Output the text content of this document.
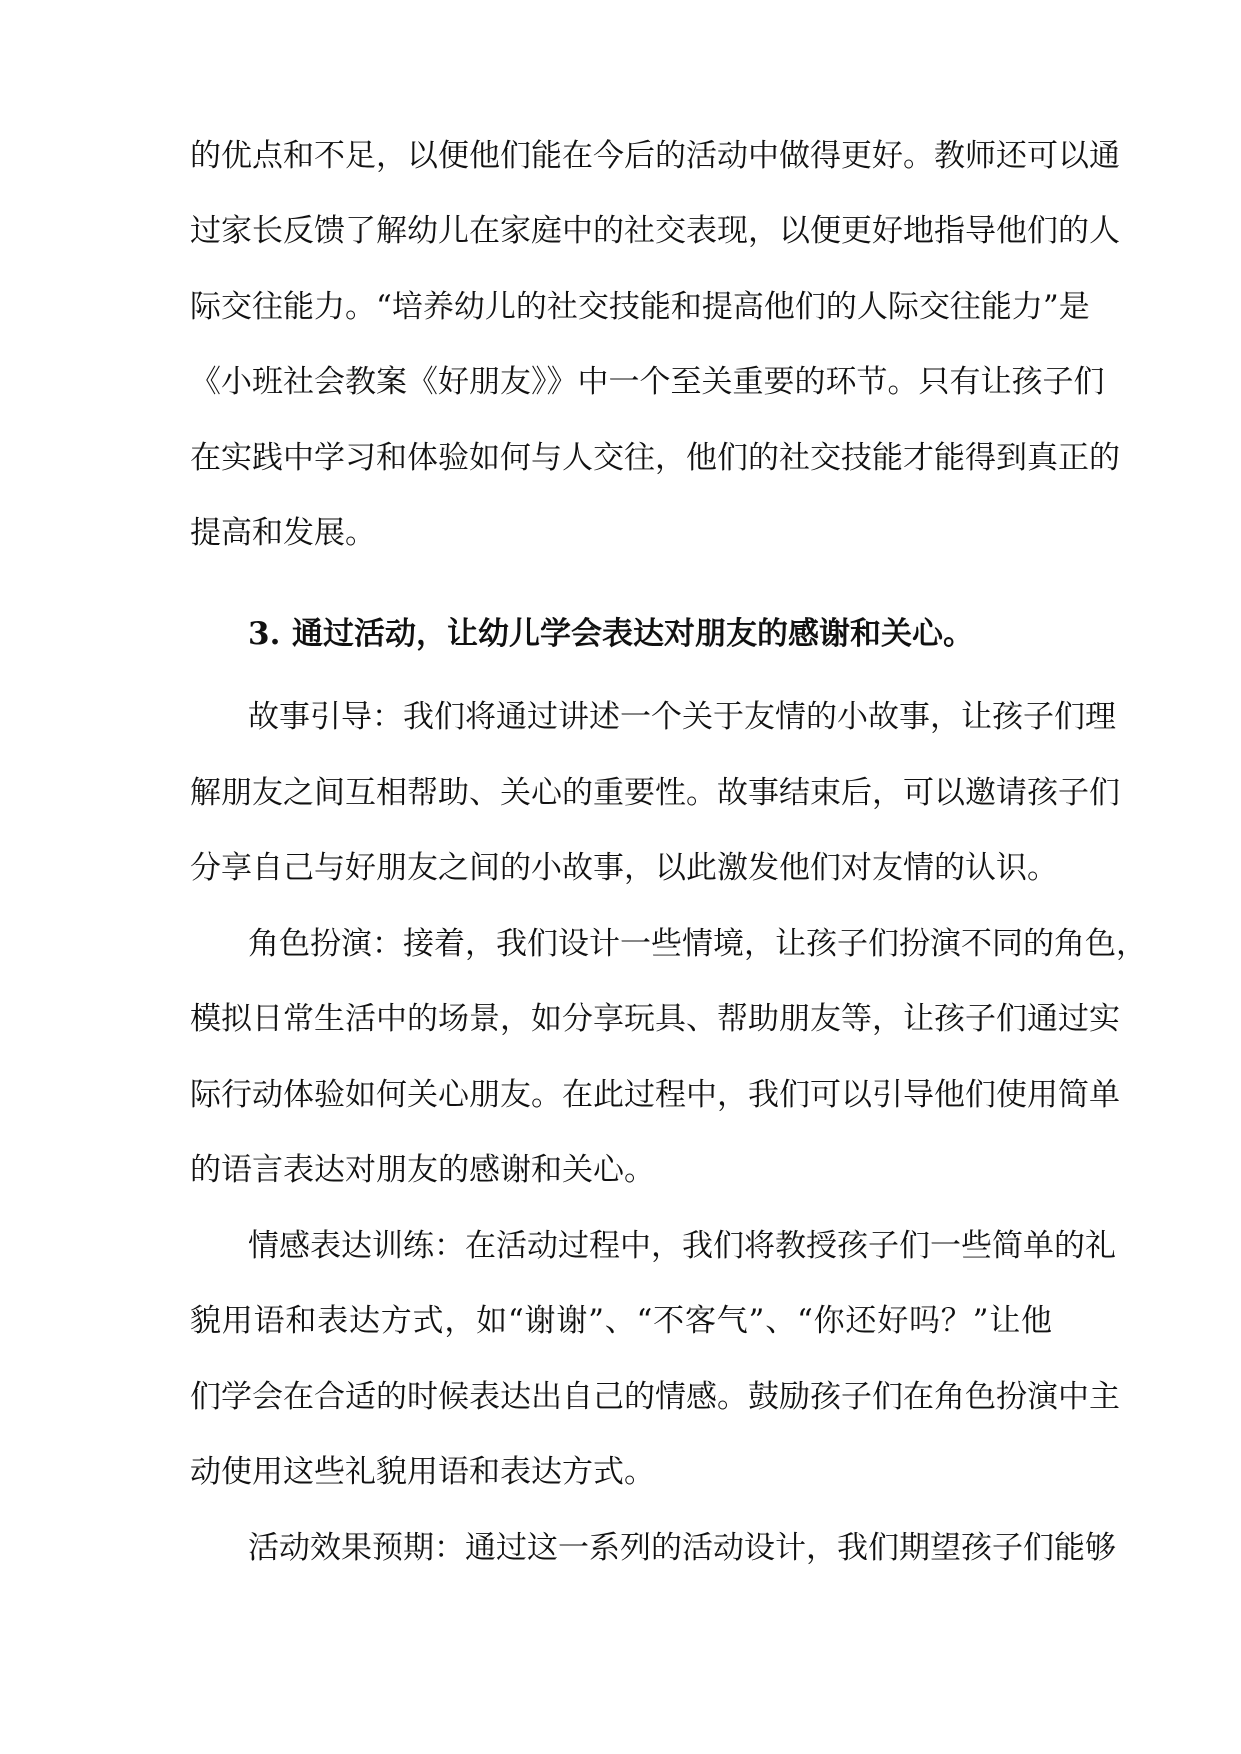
的优点和不足，以便他们能在今后的活动中做得更好。教师还可以通
过家长反馈了解幼儿在家庭中的社交表现，以便更好地指导他们的人
际交往能力。“培养幼儿的社交技能和提高他们的人际交往能力”是
《小班社会教案《好朋友》》中一个至关重要的环节。只有让孩子们
在实践中学习和体验如何与人交往，他们的社交技能才能得到真正的
提高和发展。
3. 通过活动，让幼儿学会表达对朋友的感谢和关心。
故事引导：我们将通过讲述一个关于友情的小故事，让孩子们理
解朋友之间互相帮助、关心的重要性。故事结束后，可以邀请孩子们
分享自己与好朋友之间的小故事，以此激发他们对友情的认识。
角色扮演：接着，我们设计一些情境，让孩子们扮演不同的角色，
模拟日常生活中的场景，如分享玩具、帮助朋友等，让孩子们通过实
际行动体验如何关心朋友。在此过程中，我们可以引导他们使用简单
的语言表达对朋友的感谢和关心。
情感表达训练：在活动过程中，我们将教授孩子们一些简单的礼
貌用语和表达方式，如“谢谢”、“不客气”、“你还好吗？”让他
们学会在合适的时候表达出自己的情感。鼓励孩子们在角色扮演中主
动使用这些礼貌用语和表达方式。
活动效果预期：通过这一系列的活动设计，我们期望孩子们能够
